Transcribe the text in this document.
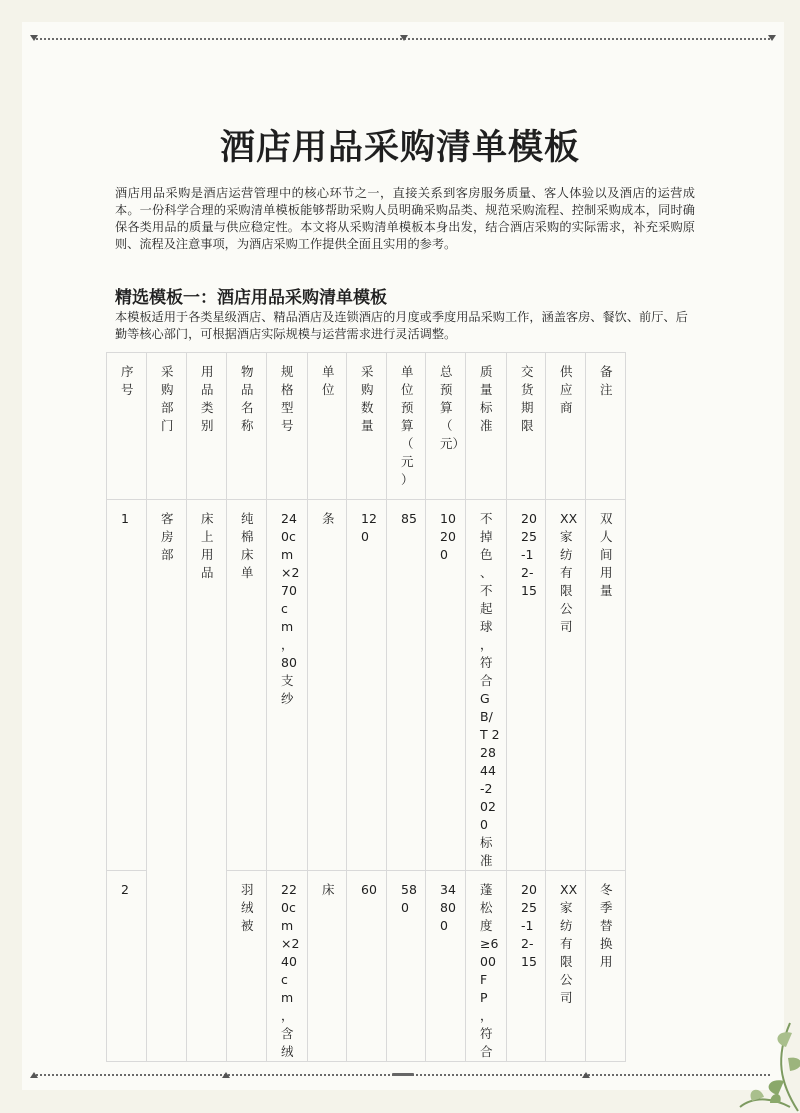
酒店用品采购清单模板

酒店用品采购是酒店运营管理中的核心环节之一，直接关系到客房服务质量、客人体验以及酒店的运营成本。一份科学合理的采购清单模板能够帮助采购人员明确采购品类、规范采购流程、控制采购成本，同时确保各类用品的质量与供应稳定性。本文将从采购清单模板本身出发，结合酒店采购的实际需求，补充采购原则、流程及注意事项，为酒店采购工作提供全面且实用的参考。

精选模板一：酒店用品采购清单模板

本模板适用于各类星级酒店、精品酒店及连锁酒店的月度或季度用品采购工作，涵盖客房、餐饮、前厅、后勤等核心部门，可根据酒店实际规模与运营需求进行灵活调整。

序号	采购部门	用品类别	物品名称	规格型号	单位	采购数量	单位预算（元）	总预算（元）	质量标准	交货期限	供应商	备注
1	客房部	床上用品	纯棉床单	240cm×270cm，80支纱	条	120	85	10200	不掉色、不起球，符合GB/T 22844-2020标准	2025-12-15	XX家纺有限公司	双人间用量
2			羽绒被	220cm×240cm，含绒	床	60	580	34800	蓬松度≥600FP，符合	2025-12-15	XX家纺有限公司	冬季替换用
